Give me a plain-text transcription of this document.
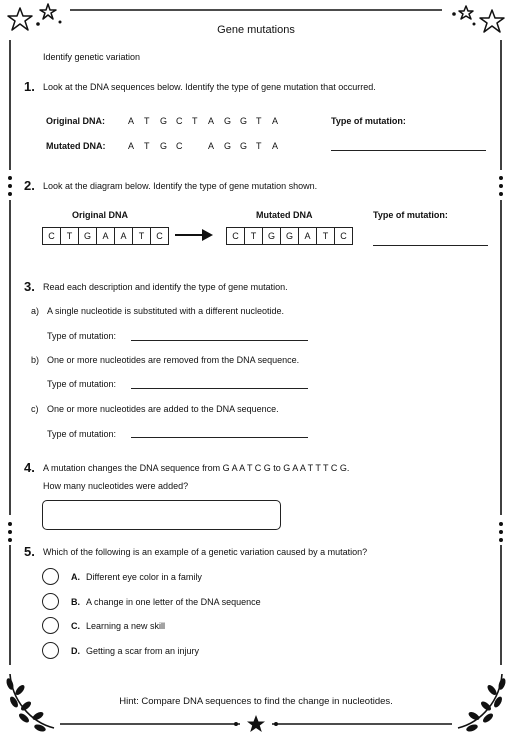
Gene mutations
Identify genetic variation
1. Look at the DNA sequences below. Identify the type of gene mutation that occurred.
Original DNA:	A T G C T A G G T A	Type of mutation:
Mutated DNA:	A T G C	A G G T A
2. Look at the diagram below. Identify the type of gene mutation shown.
Original DNA	Mutated DNA	Type of mutation:
C	T	G	A	A	T	C	C	T	G	G	A	T	C
3. Read each description and identify the type of gene mutation.
a) A single nucleotide is substituted with a different nucleotide.
Type of mutation:
b) One or more nucleotides are removed from the DNA sequence.
Type of mutation:
c) One or more nucleotides are added to the DNA sequence.
Type of mutation:
4. A mutation changes the DNA sequence from G A A T C G to G A A T T T C G.
How many nucleotides were added?
5. Which of the following is an example of a genetic variation caused by a mutation?
A. Different eye color in a family
B. A change in one letter of the DNA sequence
C. Learning a new skill
D. Getting a scar from an injury
Hint: Compare DNA sequences to find the change in nucleotides.
